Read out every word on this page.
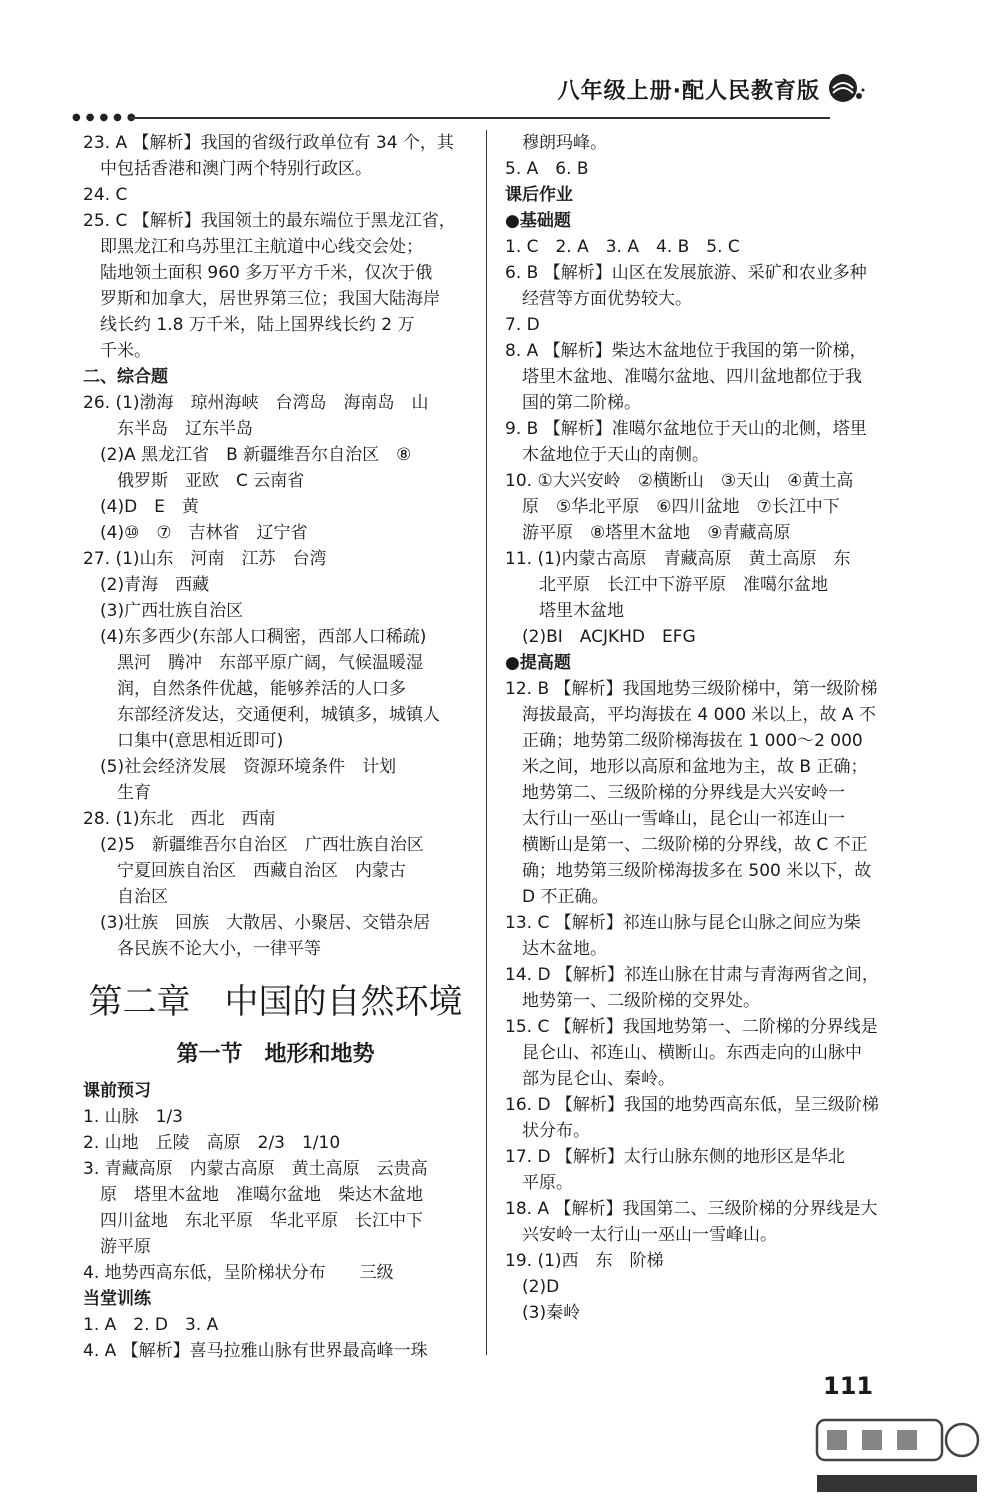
●●●●●
八年级上册·配人民教育版
23. A 【解析】我国的省级行政单位有 34 个，其
　中包括香港和澳门两个特别行政区。
24. C
25. C 【解析】我国领土的最东端位于黑龙江省，
　即黑龙江和乌苏里江主航道中心线交会处；
　陆地领土面积 960 多万平方千米，仅次于俄
　罗斯和加拿大，居世界第三位；我国大陆海岸
　线长约 1.8 万千米，陆上国界线长约 2 万
　千米。
二、综合题
26. (1)渤海　琼州海峡　台湾岛　海南岛　山
　　东半岛　辽东半岛
　(2)A 黑龙江省　B 新疆维吾尔自治区　⑧
　　俄罗斯　亚欧　C 云南省
　(4)D　E　黄
　(4)⑩　⑦　吉林省　辽宁省
27. (1)山东　河南　江苏　台湾
　(2)青海　西藏
　(3)广西壮族自治区
　(4)东多西少(东部人口稠密，西部人口稀疏)
　　黑河　腾冲　东部平原广阔，气候温暖湿
　　润，自然条件优越，能够养活的人口多
　　东部经济发达，交通便利，城镇多，城镇人
　　口集中(意思相近即可)
　(5)社会经济发展　资源环境条件　计划
　　生育
28. (1)东北　西北　西南
　(2)5　新疆维吾尔自治区　广西壮族自治区
　　宁夏回族自治区　西藏自治区　内蒙古
　　自治区
　(3)壮族　回族　大散居、小聚居、交错杂居
　　各民族不论大小，一律平等
第二章　中国的自然环境
第一节　地形和地势
课前预习
1. 山脉　1/3
2. 山地　丘陵　高原　2/3　1/10
3. 青藏高原　内蒙古高原　黄土高原　云贵高
　原　塔里木盆地　准噶尔盆地　柴达木盆地
　四川盆地　东北平原　华北平原　长江中下
　游平原
4. 地势西高东低，呈阶梯状分布　　三级
当堂训练
1. A　2. D　3. A
4. A 【解析】喜马拉雅山脉有世界最高峰一珠
　穆朗玛峰。
5. A　6. B
课后作业
●基础题
1. C　2. A　3. A　4. B　5. C
6. B 【解析】山区在发展旅游、采矿和农业多种
　经营等方面优势较大。
7. D
8. A 【解析】柴达木盆地位于我国的第一阶梯，
　塔里木盆地、准噶尔盆地、四川盆地都位于我
　国的第二阶梯。
9. B 【解析】准噶尔盆地位于天山的北侧，塔里
　木盆地位于天山的南侧。
10. ①大兴安岭　②横断山　③天山　④黄土高
　原　⑤华北平原　⑥四川盆地　⑦长江中下
　游平原　⑧塔里木盆地　⑨青藏高原
11. (1)内蒙古高原　青藏高原　黄土高原　东
　　北平原　长江中下游平原　准噶尔盆地
　　塔里木盆地
　(2)BI　ACJKHD　EFG
●提高题
12. B 【解析】我国地势三级阶梯中，第一级阶梯
　海拔最高，平均海拔在 4 000 米以上，故 A 不
　正确；地势第二级阶梯海拔在 1 000～2 000
　米之间，地形以高原和盆地为主，故 B 正确；
　地势第二、三级阶梯的分界线是大兴安岭一
　太行山一巫山一雪峰山，昆仑山一祁连山一
　横断山是第一、二级阶梯的分界线，故 C 不正
　确；地势第三级阶梯海拔多在 500 米以下，故
　D 不正确。
13. C 【解析】祁连山脉与昆仑山脉之间应为柴
　达木盆地。
14. D 【解析】祁连山脉在甘肃与青海两省之间，
　地势第一、二级阶梯的交界处。
15. C 【解析】我国地势第一、二阶梯的分界线是
　昆仑山、祁连山、横断山。东西走向的山脉中
　部为昆仑山、秦岭。
16. D 【解析】我国的地势西高东低，呈三级阶梯
　状分布。
17. D 【解析】太行山脉东侧的地形区是华北
　平原。
18. A 【解析】我国第二、三级阶梯的分界线是大
　兴安岭一太行山一巫山一雪峰山。
19. (1)西　东　阶梯
　(2)D
　(3)秦岭
111
